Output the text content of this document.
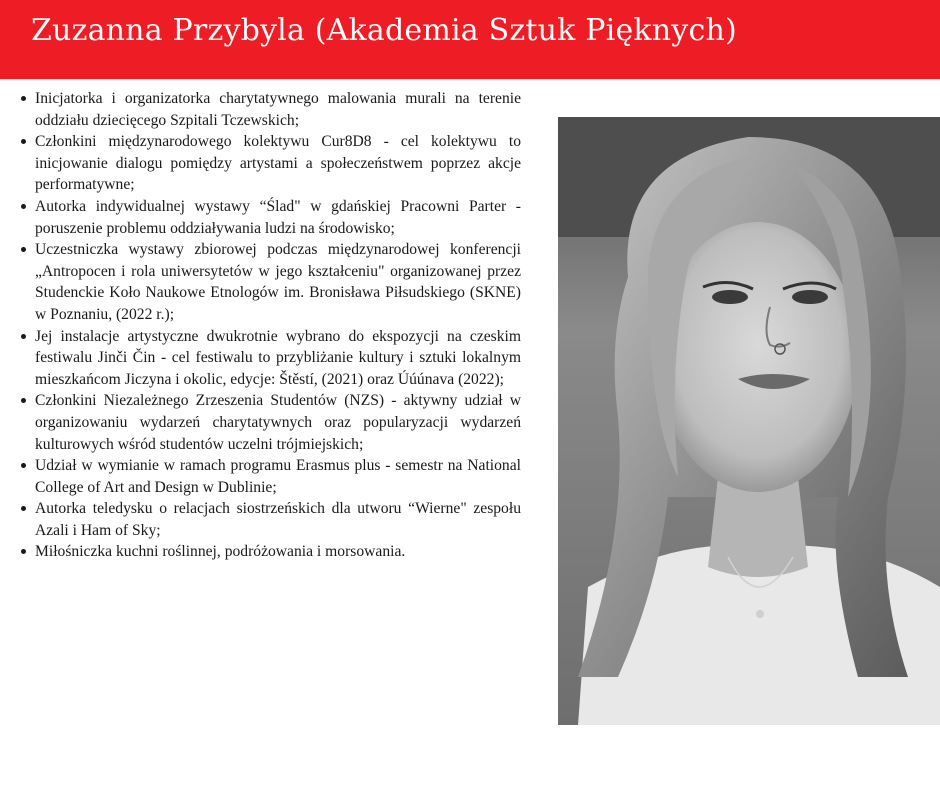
Zuzanna Przybyla (Akademia Sztuk Pięknych)
Inicjatorka i organizatorka charytatywnego malowania murali na terenie oddziału dziecięcego Szpitali Tczewskich;
Członkini międzynarodowego kolektywu Cur8D8 - cel kolektywu to inicjowanie dialogu pomiędzy artystami a społeczeństwem poprzez akcje performatywne;
Autorka indywidualnej wystawy “Ślad" w gdańskiej Pracowni Parter - poruszenie problemu oddziaływania ludzi na środowisko;
Uczestniczka wystawy zbiorowej podczas międzynarodowej konferencji „Antropocen i rola uniwersytetów w jego kształceniu" organizowanej przez Studenckie Koło Naukowe Etnologów im. Bronisława Piłsudskiego (SKNE) w Poznaniu, (2022 r.);
Jej instalacje artystyczne dwukrotnie wybrano do ekspozycji na czeskim festiwalu Jinči Čin - cel festiwalu to przybliżanie kultury i sztuki lokalnym mieszkańcom Jiczyna i okolic, edycje: Štěstí, (2021) oraz Úúúnava (2022);
Członkini Niezależnego Zrzeszenia Studentów (NZS) - aktywny udział w organizowaniu wydarzeń charytatywnych oraz popularyzacji wydarzeń kulturowych wśród studentów uczelni trójmiejskich;
Udział w wymianie w ramach programu Erasmus plus - semestr na National College of Art and Design w Dublinie;
Autorka teledysku o relacjach siostrzeńskich dla utworu “Wierne" zespołu Azali i Ham of Sky;
Miłośniczka kuchni roślinnej, podróżowania i morsowania.
